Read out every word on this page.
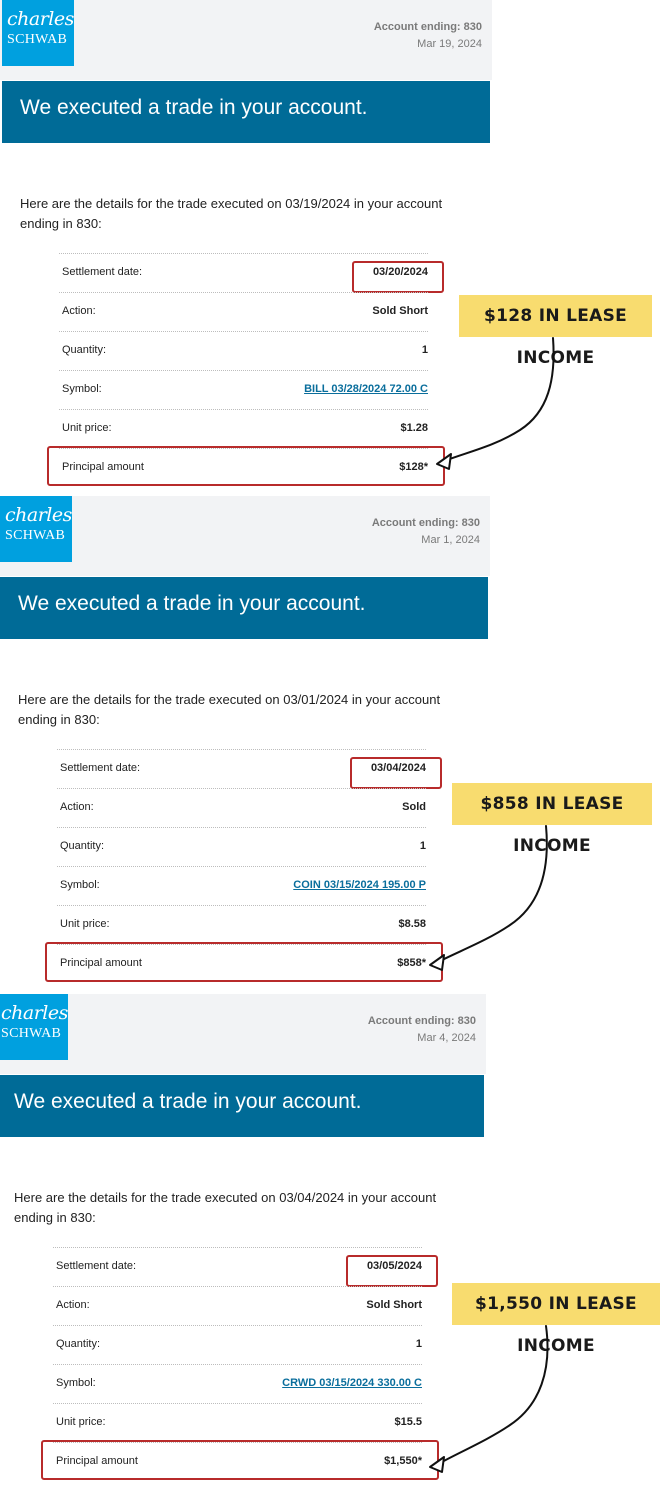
charles
SCHWAB
Account ending: 830
Mar 19, 2024
We executed a trade in your account.
Here are the details for the trade executed on 03/19/2024 in your account ending in 830:
Settlement date:	03/20/2024
Action:	Sold Short
Quantity:	1
Symbol:	BILL 03/28/2024 72.00 C
Unit price:	$1.28
Principal amount	$128*
charles
SCHWAB
Account ending: 830
Mar 1, 2024
We executed a trade in your account.
Here are the details for the trade executed on 03/01/2024 in your account ending in 830:
Settlement date:	03/04/2024
Action:	Sold
Quantity:	1
Symbol:	COIN 03/15/2024 195.00 P
Unit price:	$8.58
Principal amount	$858*
charles
SCHWAB
Account ending: 830
Mar 4, 2024
We executed a trade in your account.
Here are the details for the trade executed on 03/04/2024 in your account ending in 830:
Settlement date:	03/05/2024
Action:	Sold Short
Quantity:	1
Symbol:	CRWD 03/15/2024 330.00 C
Unit price:	$15.5
Principal amount	$1,550*
$128 IN LEASE INCOME
$858 IN LEASE INCOME
$1,550 IN LEASE INCOME
